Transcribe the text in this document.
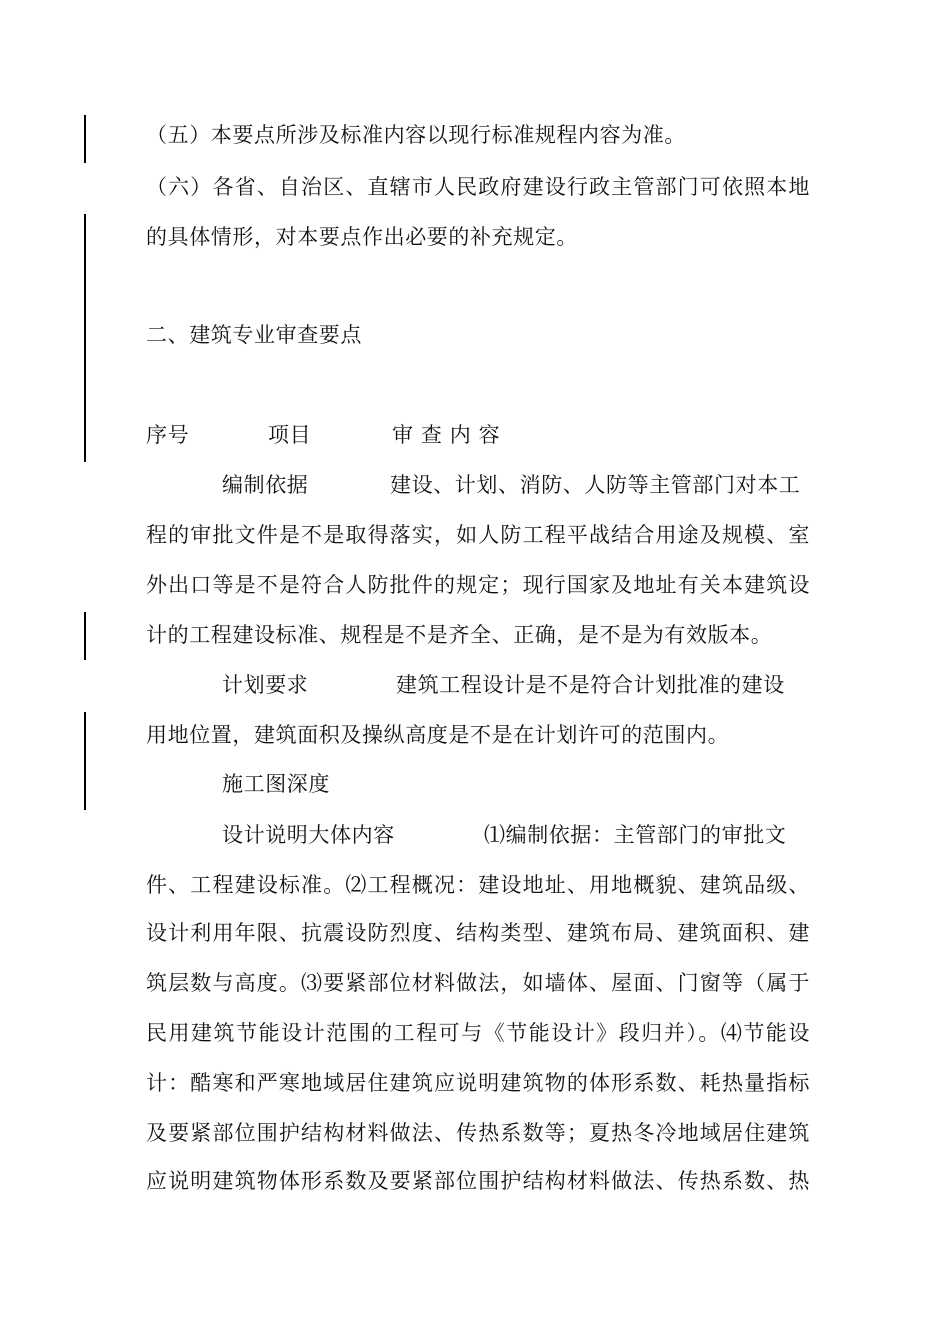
（五）本要点所涉及标准内容以现行标准规程内容为准。
（六）各省、自治区、直辖市人民政府建设行政主管部门可依照本地
的具体情形，对本要点作出必要的补充规定。
二、建筑专业审查要点
序号	项目	审 查 内 容
编制依据	建设、计划、消防、人防等主管部门对本工
程的审批文件是不是取得落实，如人防工程平战结合用途及规模、室
外出口等是不是符合人防批件的规定；现行国家及地址有关本建筑设
计的工程建设标准、规程是不是齐全、正确，是不是为有效版本。
计划要求	建筑工程设计是不是符合计划批准的建设
用地位置，建筑面积及操纵高度是不是在计划许可的范围内。
施工图深度
设计说明大体内容	⑴编制依据：主管部门的审批文
件、工程建设标准。⑵工程概况：建设地址、用地概貌、建筑品级、
设计利用年限、抗震设防烈度、结构类型、建筑布局、建筑面积、建
筑层数与高度。⑶要紧部位材料做法，如墙体、屋面、门窗等（属于
民用建筑节能设计范围的工程可与《节能设计》段归并）。⑷节能设
计：酷寒和严寒地域居住建筑应说明建筑物的体形系数、耗热量指标
及要紧部位围护结构材料做法、传热系数等；夏热冬冷地域居住建筑
应说明建筑物体形系数及要紧部位围护结构材料做法、传热系数、热
